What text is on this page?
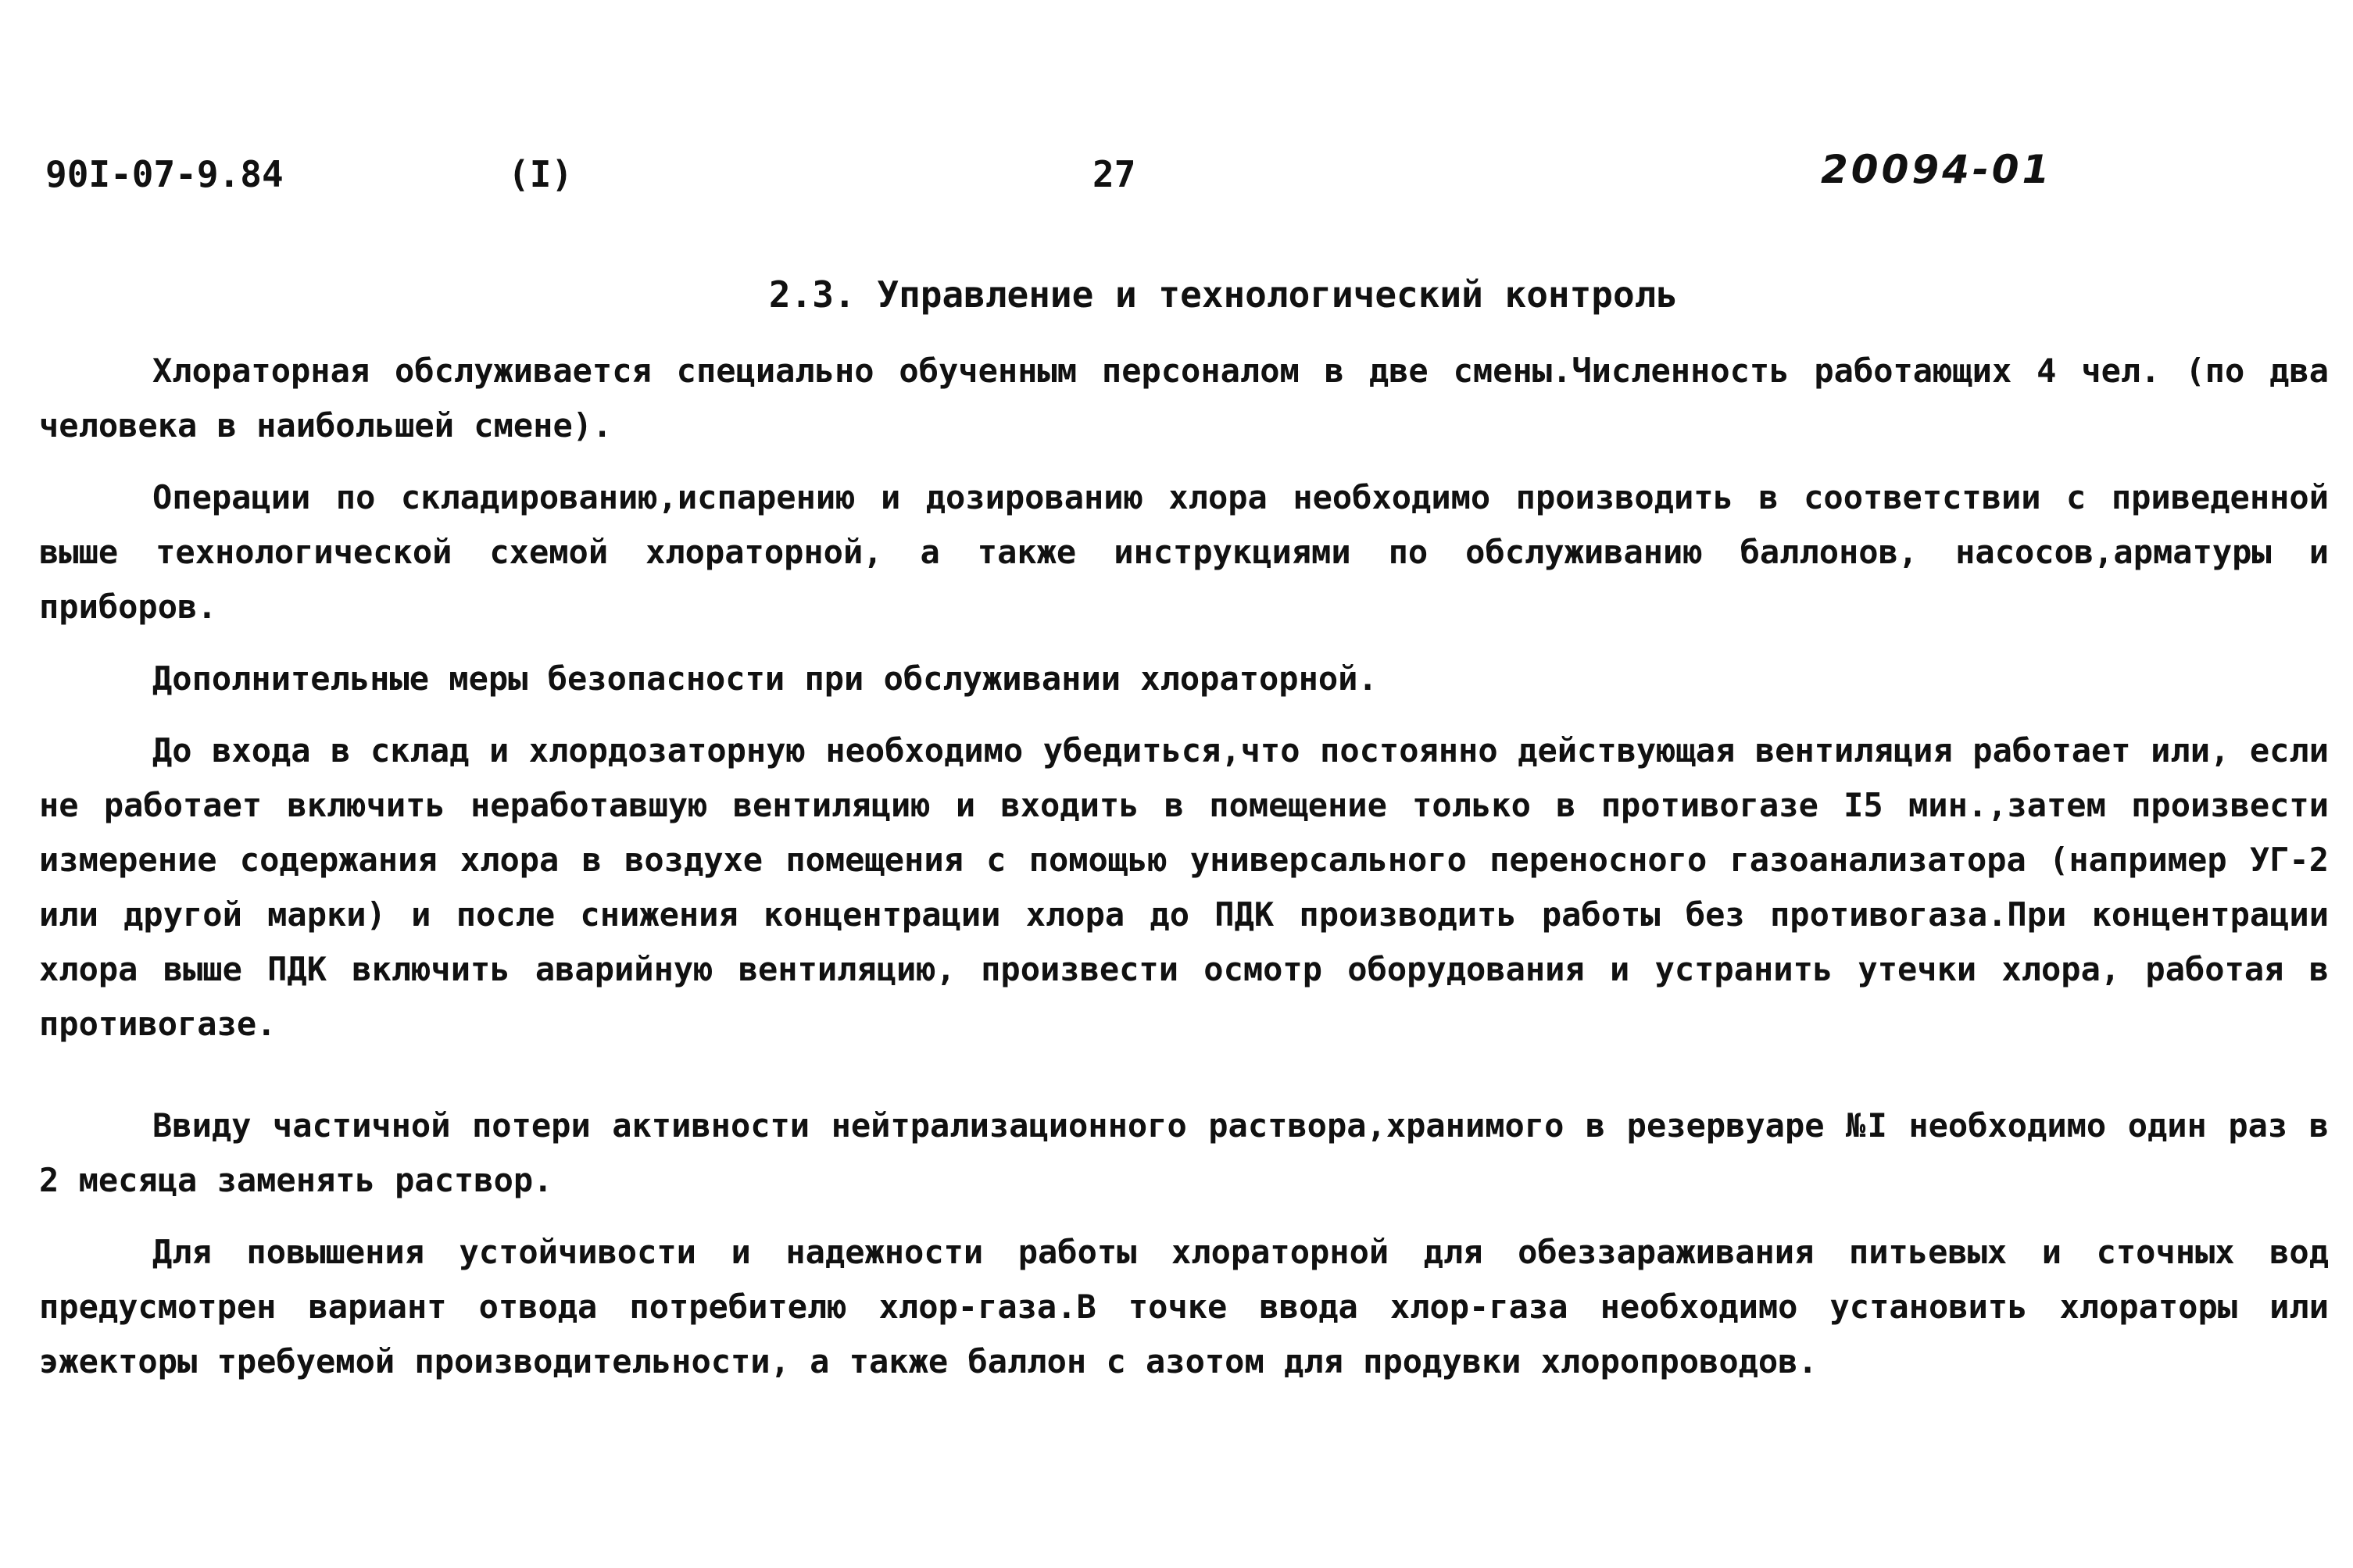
90I-07-9.84	(I)	27	20094-01
2.3. Управление и технологический контроль

Хлораторная обслуживается специально обученным персоналом в две смены.Численность работающих 4 чел. (по два человека в наибольшей смене).

Операции по складированию,испарению и дозированию хлора необходимо производить в соответствии с приведенной выше технологической схемой хлораторной, а также инструкциями по обслуживанию баллонов, насосов,арматуры и приборов.

Дополнительные меры безопасности при обслуживании хлораторной.

До входа в склад и хлордозаторную необходимо убедиться,что постоянно действующая вентиляция работает или, если не работает включить неработавшую вентиляцию и входить в помещение только в противогазе I5 мин.,затем произвести измерение содержания хлора в воздухе помещения с помощью универсального переносного газоанализатора (например УГ-2 или другой марки) и после снижения концентрации хлора до ПДК производить работы без противогаза.При концентрации хлора выше ПДК включить аварийную вентиляцию, произвести осмотр оборудования и устранить утечки хлора, работая в противогазе.

Ввиду частичной потери активности нейтрализационного раствора,хранимого в резервуаре №I необходимо один раз в 2 месяца заменять раствор.

Для повышения устойчивости и надежности работы хлораторной для обеззараживания питьевых и сточных вод предусмотрен вариант отвода потребителю хлор-газа.В точке ввода хлор-газа необходимо установить хлораторы или эжекторы требуемой производительности, а также баллон с азотом для продувки хлоропроводов.
